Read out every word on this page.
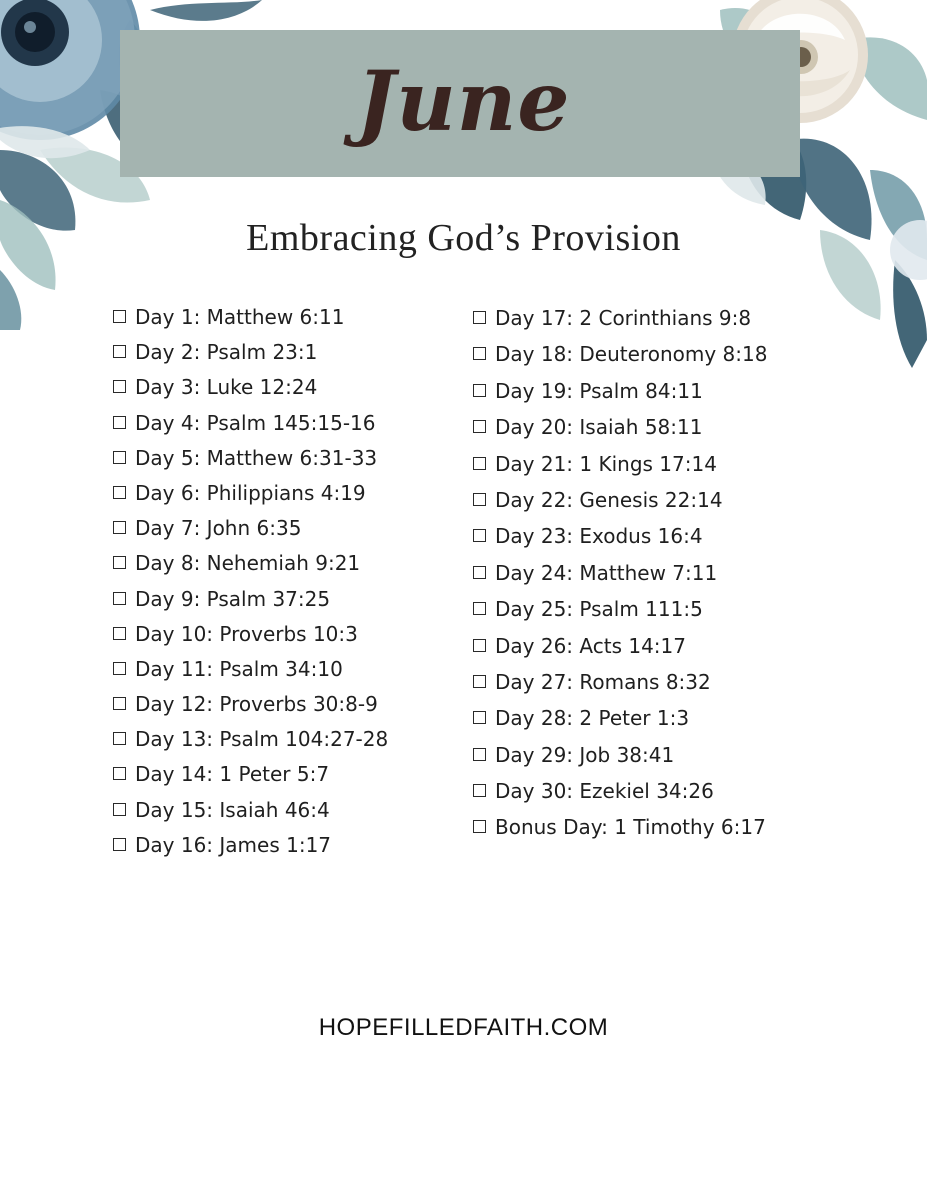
June
Embracing God’s Provision
Day 1: Matthew 6:11
Day 2: Psalm 23:1
Day 3: Luke 12:24
Day 4: Psalm 145:15-16
Day 5: Matthew 6:31-33
Day 6: Philippians 4:19
Day 7: John 6:35
Day 8: Nehemiah 9:21
Day 9: Psalm 37:25
Day 10: Proverbs 10:3
Day 11: Psalm 34:10
Day 12: Proverbs 30:8-9
Day 13: Psalm 104:27-28
Day 14: 1 Peter 5:7
Day 15: Isaiah 46:4
Day 16: James 1:17
Day 17: 2 Corinthians 9:8
Day 18: Deuteronomy 8:18
Day 19: Psalm 84:11
Day 20: Isaiah 58:11
Day 21: 1 Kings 17:14
Day 22: Genesis 22:14
Day 23: Exodus 16:4
Day 24: Matthew 7:11
Day 25: Psalm 111:5
Day 26: Acts 14:17
Day 27: Romans 8:32
Day 28: 2 Peter 1:3
Day 29: Job 38:41
Day 30: Ezekiel 34:26
Bonus Day: 1 Timothy 6:17
HOPEFILLEDFAITH.COM
